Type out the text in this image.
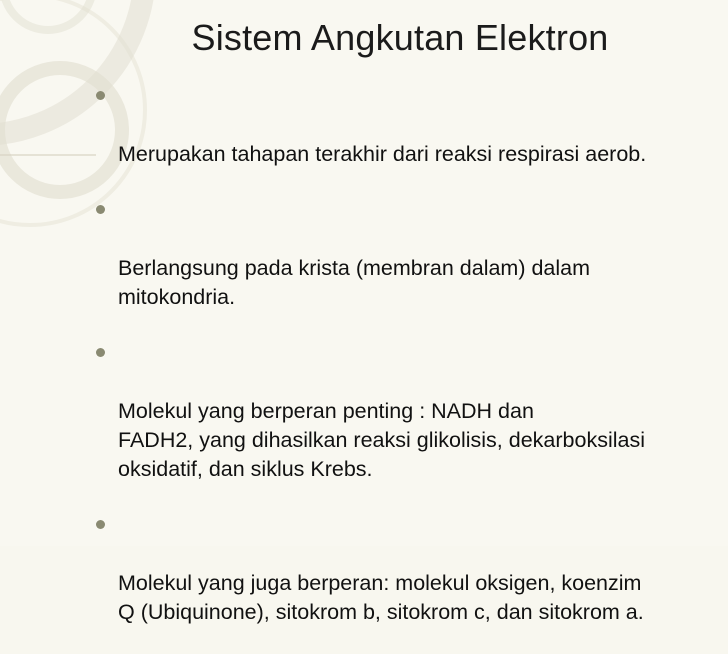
Sistem Angkutan Elektron

Merupakan tahapan terakhir dari reaksi respirasi aerob.

Berlangsung pada krista (membran dalam) dalam
mitokondria.

Molekul yang berperan penting : NADH dan
FADH2, yang dihasilkan reaksi glikolisis, dekarboksilasi
oksidatif, dan siklus Krebs.

Molekul yang juga berperan: molekul oksigen, koenzim
Q (Ubiquinone), sitokrom b, sitokrom c, dan sitokrom a.
